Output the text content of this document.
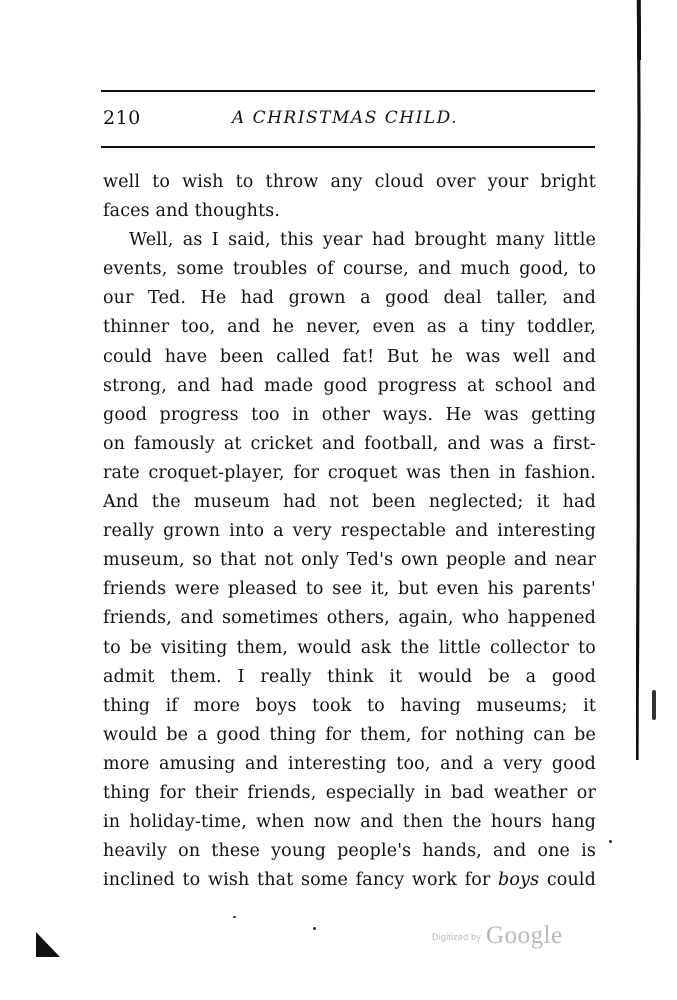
210	A CHRISTMAS CHILD.
well to wish to throw any cloud over your bright
faces and thoughts.
Well, as I said, this year had brought many little
events, some troubles of course, and much good, to
our Ted. He had grown a good deal taller, and
thinner too, and he never, even as a tiny toddler,
could have been called fat! But he was well and
strong, and had made good progress at school and
good progress too in other ways. He was getting
on famously at cricket and football, and was a first-
rate croquet-player, for croquet was then in fashion.
And the museum had not been neglected; it had
really grown into a very respectable and interesting
museum, so that not only Ted's own people and near
friends were pleased to see it, but even his parents'
friends, and sometimes others, again, who happened
to be visiting them, would ask the little collector to
admit them. I really think it would be a good
thing if more boys took to having museums; it
would be a good thing for them, for nothing can be
more amusing and interesting too, and a very good
thing for their friends, especially in bad weather or
in holiday-time, when now and then the hours hang
heavily on these young people's hands, and one is
inclined to wish that some fancy work for boys could
Digitized by Google
